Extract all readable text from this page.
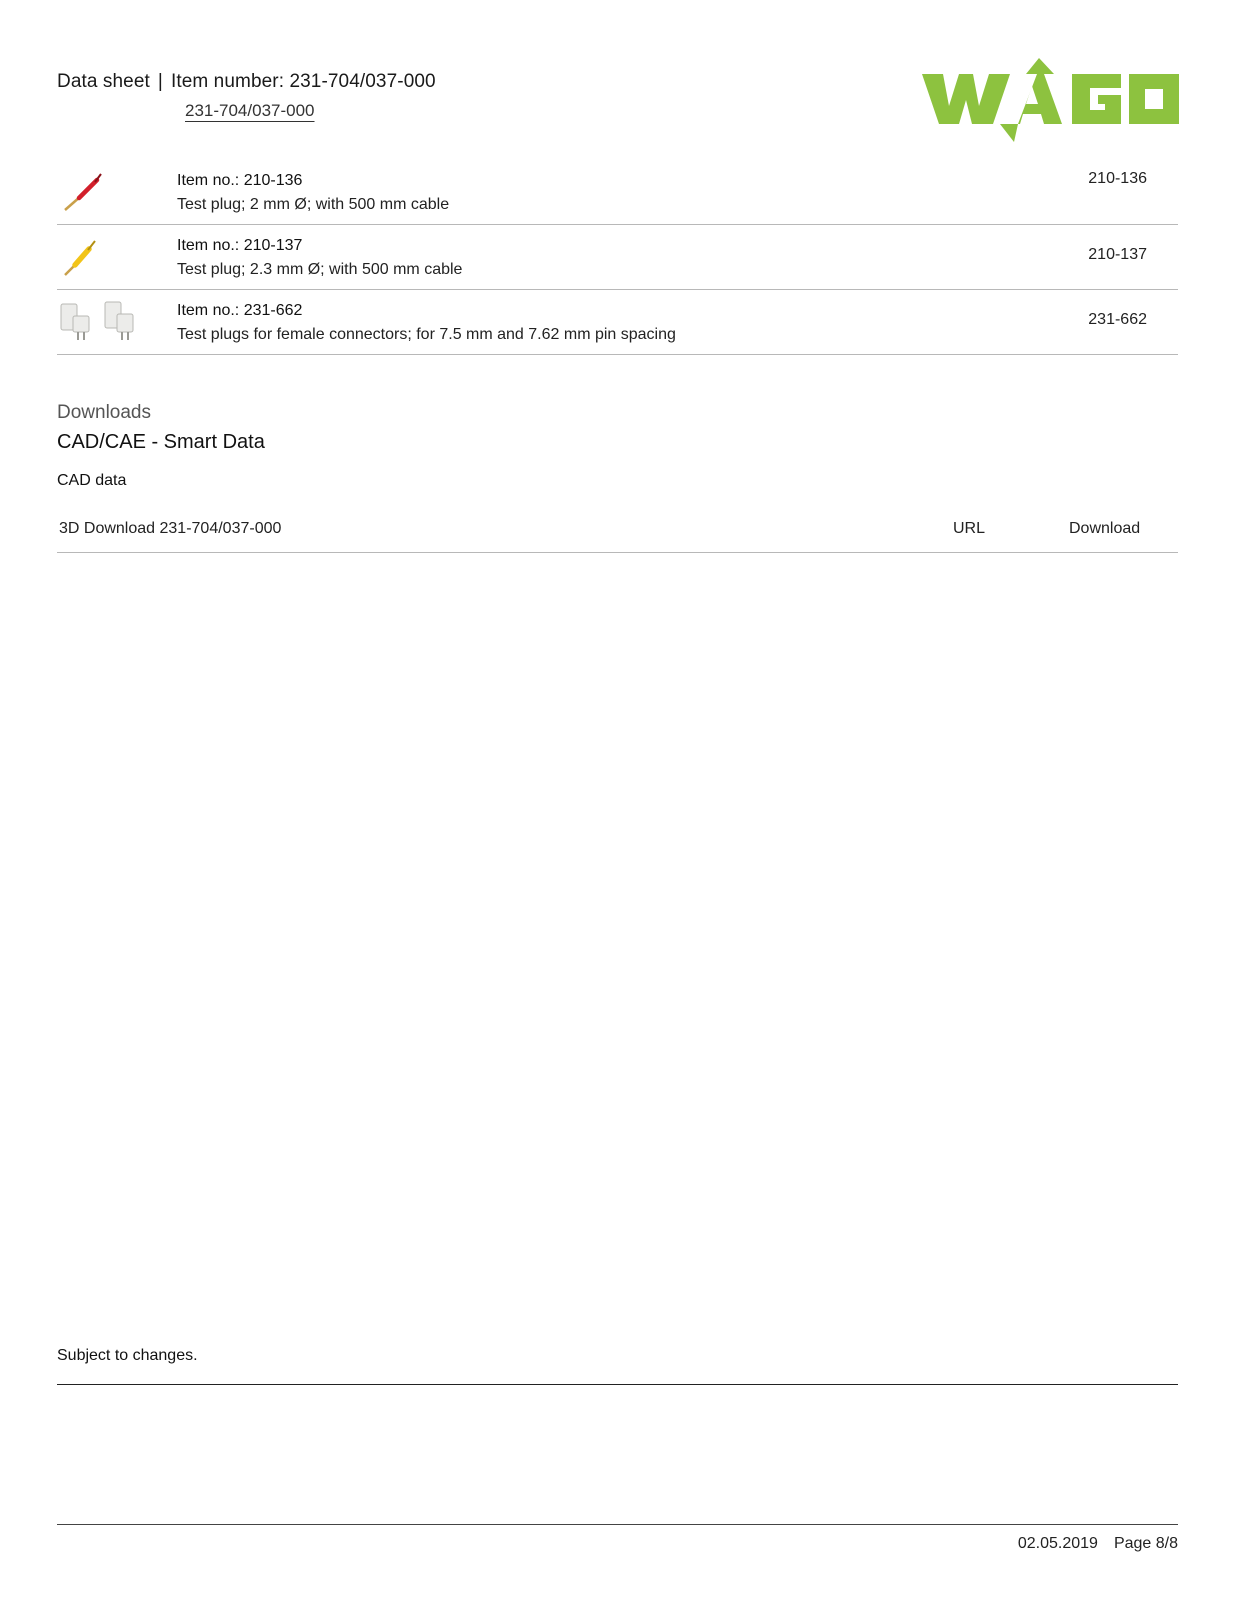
Data sheet | Item number: 231-704/037-000
231-704/037-000
Item no.: 210-136
Test plug; 2 mm Ø; with 500 mm cable
210-136
Item no.: 210-137
Test plug; 2.3 mm Ø; with 500 mm cable
210-137
Item no.: 231-662
Test plugs for female connectors; for 7.5 mm and 7.62 mm pin spacing
231-662
Downloads
CAD/CAE - Smart Data
CAD data
3D Download 231-704/037-000	URL	Download
Subject to changes.
02.05.2019 Page 8/8
